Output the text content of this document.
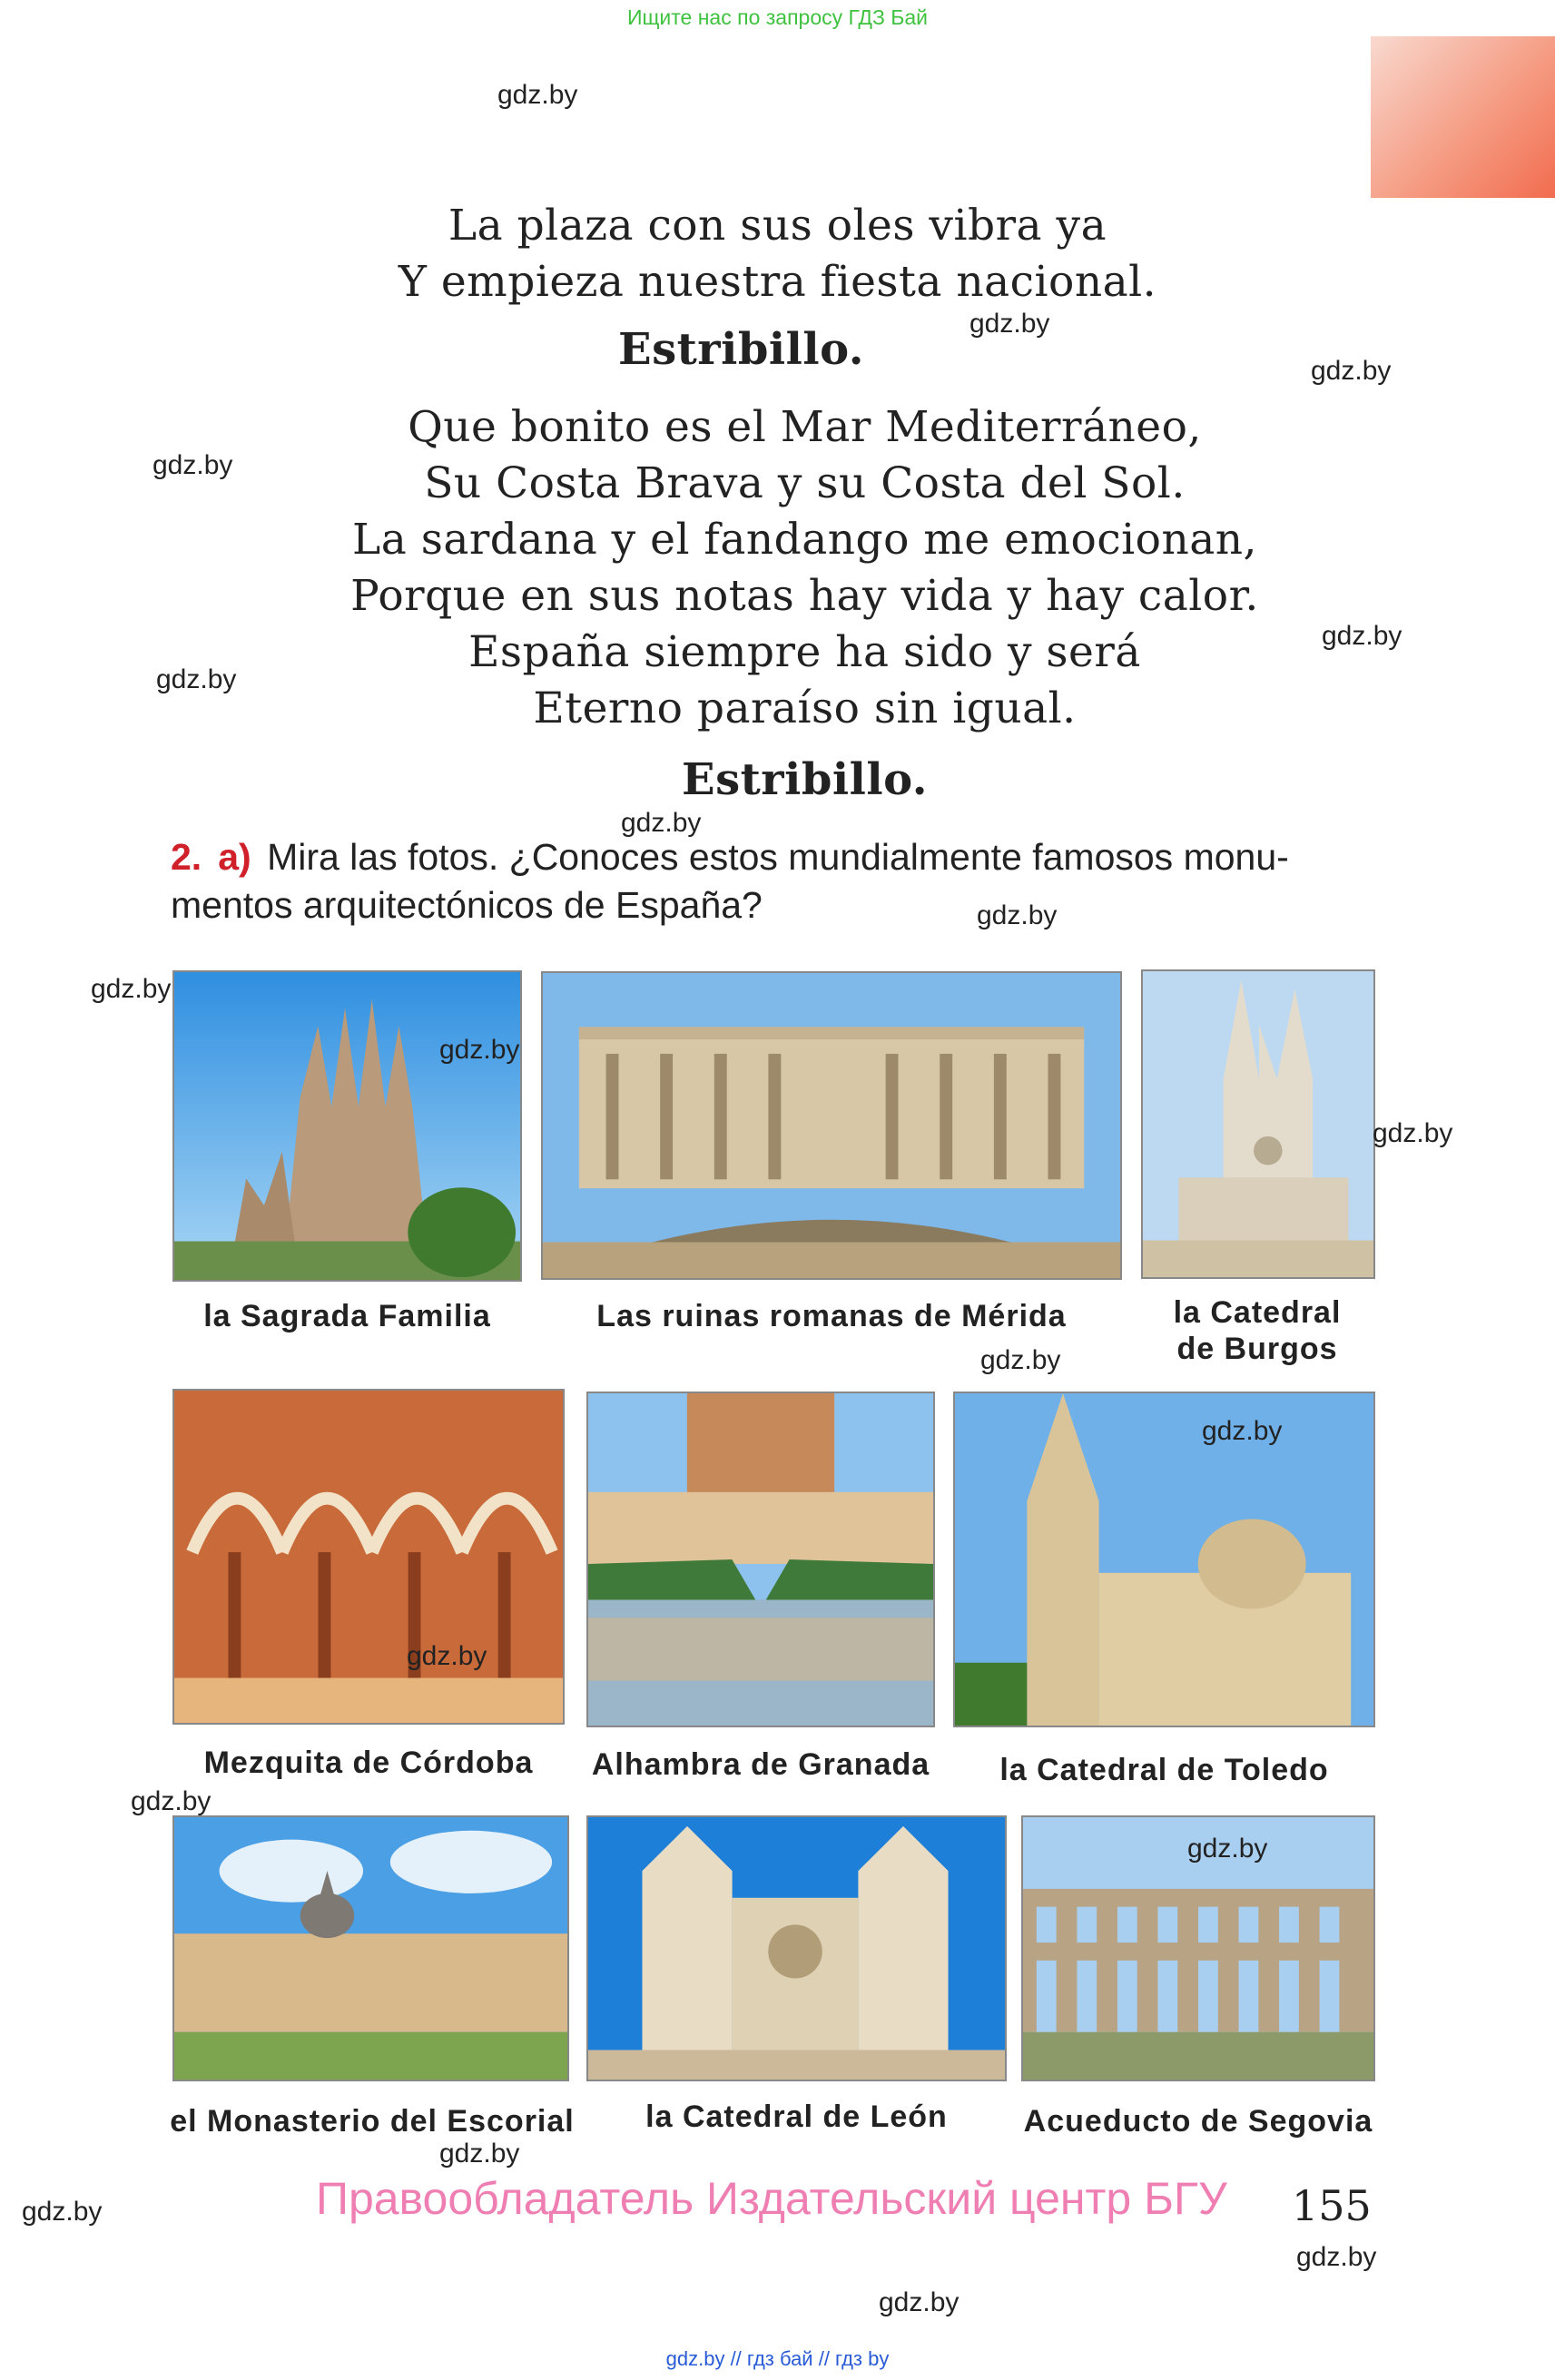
Ищите нас по запросу ГДЗ Бай
La plaza con sus oles vibra ya
Y empieza nuestra fiesta nacional.
Estribillo.
Que bonito es el Mar Mediterráneo,
Su Costa Brava y su Costa del Sol.
La sardana y el fandango me emocionan,
Porque en sus notas hay vida y hay calor.
España siempre ha sido y será
Eterno paraíso sin igual.
Estribillo.
2. a) Mira las fotos. ¿Conoces estos mundialmente famosos monu-
mentos arquitectónicos de España?
la Sagrada Familia	Las ruinas romanas de Mérida	la Catedral
de Burgos
Mezquita de Córdoba	Alhambra de Granada	la Catedral de Toledo
el Monasterio del Escorial	la Catedral de León	Acueducto de Segovia
Правообладатель Издательский центр БГУ 155
gdz.by // гдз бай // гдз by
gdz.by
gdz.by
gdz.by
gdz.by
gdz.by
gdz.by
gdz.by
gdz.by
gdz.by
gdz.by
gdz.by
gdz.by
gdz.by
gdz.by
gdz.by
gdz.by
gdz.by
gdz.by
gdz.by
gdz.by
